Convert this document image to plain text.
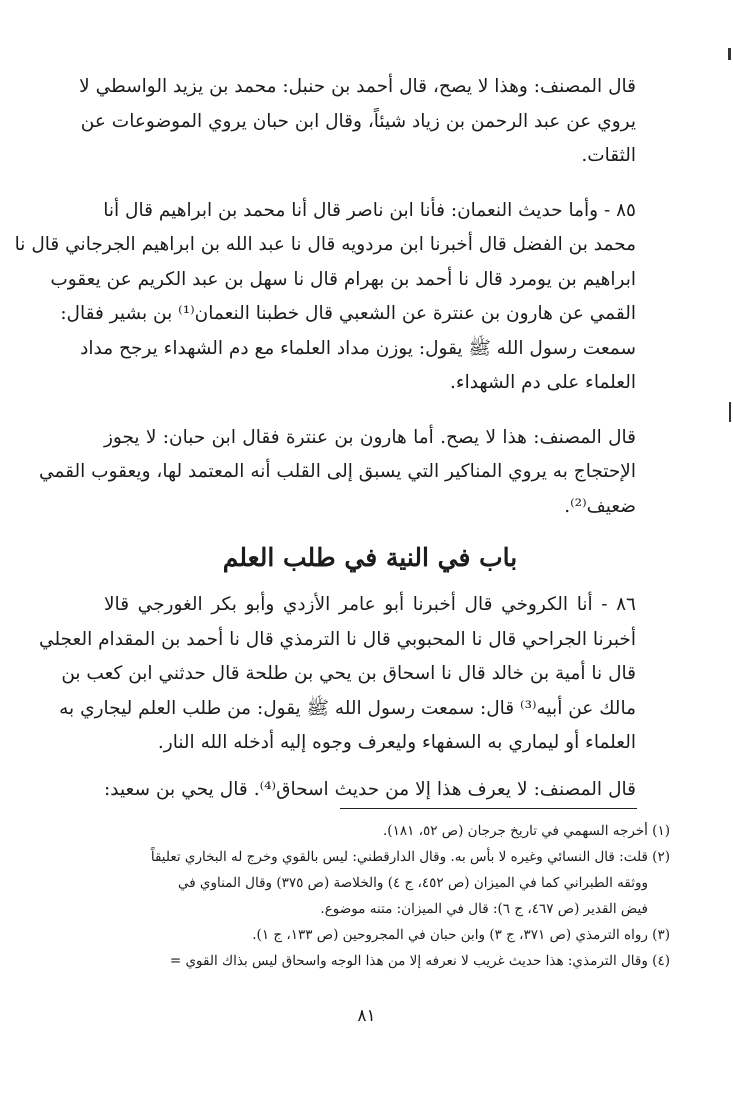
قال المصنف: وهذا لا يصح، قال أحمد بن حنبل: محمد بن يزيد الواسطي لا
يروي عن عبد الرحمن بن زياد شيئاً، وقال ابن حبان يروي الموضوعات عن
الثقات.
٨٥ - وأما حديث النعمان: فأنا ابن ناصر قال أنا محمد بن ابراهيم قال أنا
محمد بن الفضل قال أخبرنا ابن مردويه قال نا عبد الله بن ابراهيم الجرجاني قال نا
ابراهيم بن يومرد قال نا أحمد بن بهرام قال نا سهل بن عبد الكريم عن يعقوب
القمي عن هارون بن عنترة عن الشعبي قال خطبنا النعمان⁽¹⁾ بن بشير فقال:
سمعت رسول الله ﷺ يقول: يوزن مداد العلماء مع دم الشهداء يرجح مداد
العلماء على دم الشهداء.
قال المصنف: هذا لا يصح. أما هارون بن عنترة فقال ابن حبان: لا يجوز
الإحتجاج به يروي المناكير التي يسبق إلى القلب أنه المعتمد لها، ويعقوب القمي
ضعيف⁽²⁾.
باب في النية في طلب العلم
٨٦ - أنا الكروخي قال أخبرنا أبو عامر الأزدي وأبو بكر الغورجي قالا
أخبرنا الجراحي قال نا المحبوبي قال نا الترمذي قال نا أحمد بن المقدام العجلي
قال نا أمية بن خالد قال نا اسحاق بن يحي بن طلحة قال حدثني ابن كعب بن
مالك عن أبيه⁽³⁾ قال: سمعت رسول الله ﷺ يقول: من طلب العلم ليجاري به
العلماء أو ليماري به السفهاء وليعرف وجوه إليه أدخله الله النار.
قال المصنف: لا يعرف هذا إلا من حديث اسحاق⁽⁴⁾. قال يحي بن سعيد:
(١) أخرجه السهمي في تاريخ جرجان (ص ٥٢، ١٨١).
(٢) قلت: قال النسائي وغيره لا بأس به. وقال الدارقطني: ليس بالقوي وخرج له البخاري تعليقاً
ووثقه الطبراني كما في الميزان (ص ٤٥٢، ج ٤) والخلاصة (ص ٣٧٥) وقال المناوي في
فيض القدير (ص ٤٦٧، ج ٦): قال في الميزان: متنه موضوع.
(٣) رواه الترمذي (ص ٣٧١، ج ٣) وابن حبان في المجروحين (ص ١٣٣، ج ١).
(٤) وقال الترمذي: هذا حديث غريب لا نعرفه إلا من هذا الوجه واسحاق ليس بذاك القوي =
٨١
